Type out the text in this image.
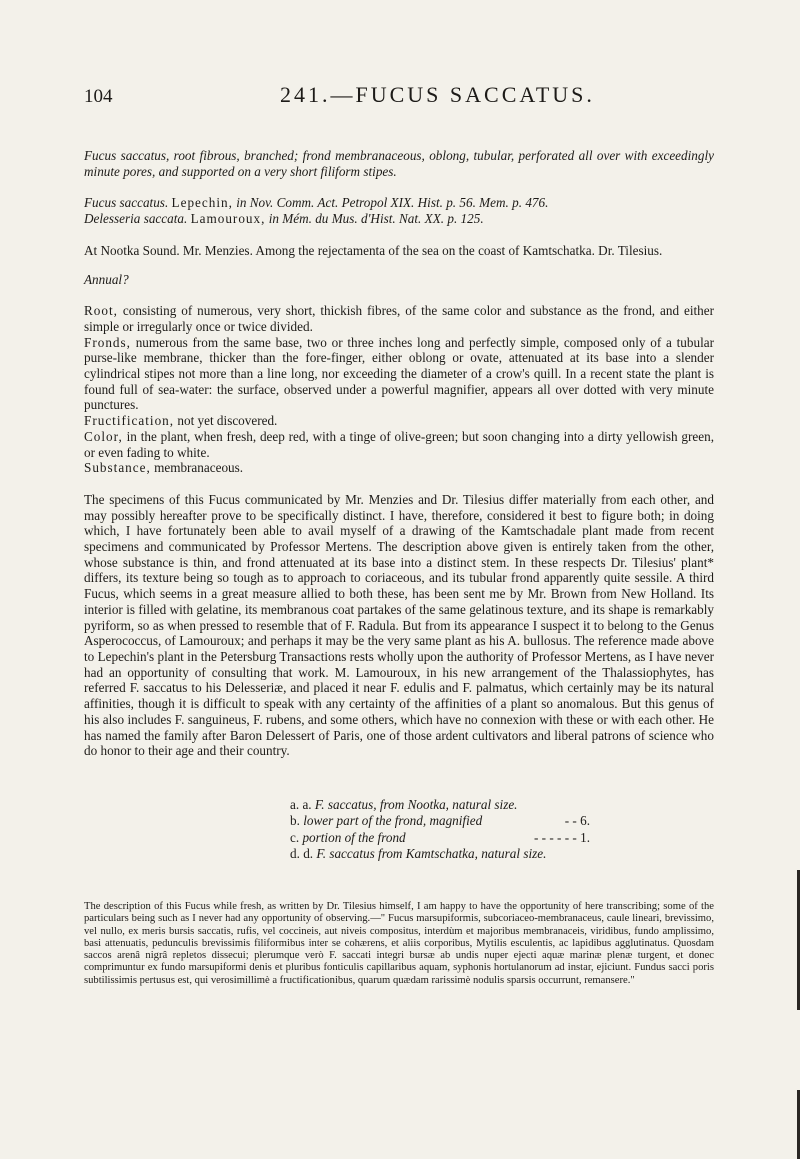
104	241.—FUCUS SACCATUS.

Fucus saccatus, root fibrous, branched; frond membranaceous, oblong, tubular, perforated all over with exceedingly minute pores, and supported on a very short filiform stipes.

Fucus saccatus. Lepechin, in Nov. Comm. Act. Petropol XIX. Hist. p. 56. Mem. p. 476.

Delesseria saccata. Lamouroux, in Mém. du Mus. d'Hist. Nat. XX. p. 125.

At Nootka Sound. Mr. Menzies. Among the rejectamenta of the sea on the coast of Kamtschatka. Dr. Tilesius.

Annual?

Root, consisting of numerous, very short, thickish fibres, of the same color and substance as the frond, and either simple or irregularly once or twice divided.

Fronds, numerous from the same base, two or three inches long and perfectly simple, composed only of a tubular purse-like membrane, thicker than the fore-finger, either oblong or ovate, attenuated at its base into a slender cylindrical stipes not more than a line long, nor exceeding the diameter of a crow's quill. In a recent state the plant is found full of sea-water: the surface, observed under a powerful magnifier, appears all over dotted with very minute punctures.

Fructification, not yet discovered.

Color, in the plant, when fresh, deep red, with a tinge of olive-green; but soon changing into a dirty yellowish green, or even fading to white.

Substance, membranaceous.

The specimens of this Fucus communicated by Mr. Menzies and Dr. Tilesius differ materially from each other, and may possibly hereafter prove to be specifically distinct. I have, therefore, considered it best to figure both; in doing which, I have fortunately been able to avail myself of a drawing of the Kamtschadale plant made from recent specimens and communicated by Professor Mertens. The description above given is entirely taken from the other, whose substance is thin, and frond attenuated at its base into a distinct stem. In these respects Dr. Tilesius' plant* differs, its texture being so tough as to approach to coriaceous, and its tubular frond apparently quite sessile. A third Fucus, which seems in a great measure allied to both these, has been sent me by Mr. Brown from New Holland. Its interior is filled with gelatine, its membranous coat partakes of the same gelatinous texture, and its shape is remarkably pyriform, so as when pressed to resemble that of F. Radula. But from its appearance I suspect it to belong to the Genus Asperococcus, of Lamouroux; and perhaps it may be the very same plant as his A. bullosus. The reference made above to Lepechin's plant in the Petersburg Transactions rests wholly upon the authority of Professor Mertens, as I have never had an opportunity of consulting that work. M. Lamouroux, in his new arrangement of the Thalassiophytes, has referred F. saccatus to his Delesseriæ, and placed it near F. edulis and F. palmatus, which certainly may be its natural affinities, though it is difficult to speak with any certainty of the affinities of a plant so anomalous. But this genus of his also includes F. sanguineus, F. rubens, and some others, which have no connexion with these or with each other. He has named the family after Baron Delessert of Paris, one of those ardent cultivators and liberal patrons of science who do honor to their age and their country.

a. a. F. saccatus, from Nootka, natural size.
b. lower part of the frond, magnified	- - 6.
c. portion of the frond	- - - - - - 1.
d. d. F. saccatus from Kamtschatka, natural size.

The description of this Fucus while fresh, as written by Dr. Tilesius himself, I am happy to have the opportunity of here transcribing; some of the particulars being such as I never had any opportunity of observing.—" Fucus marsupiformis, subcoriaceo-membranaceus, caule lineari, brevissimo, vel nullo, ex meris bursis saccatis, rufis, vel coccineis, aut niveis compositus, interdùm et majoribus membranaceis, viridibus, fundo amplissimo, basi attenuatis, pedunculis brevissimis filiformibus inter se cohærens, et aliis corporibus, Mytilis esculentis, ac lapidibus agglutinatus. Quosdam saccos arenâ nigrâ repletos dissecui; plerumque verò F. saccati integri bursæ ab undis nuper ejecti aquæ marinæ plenæ turgent, et donec comprimuntur ex fundo marsupiformi denis et pluribus fonticulis capillaribus aquam, syphonis hortulanorum ad instar, ejiciunt. Fundus sacci poris subtilissimis pertusus est, qui verosimillimè a fructificationibus, quarum quædam rarissimè nodulis sparsis occurrunt, remansere."
